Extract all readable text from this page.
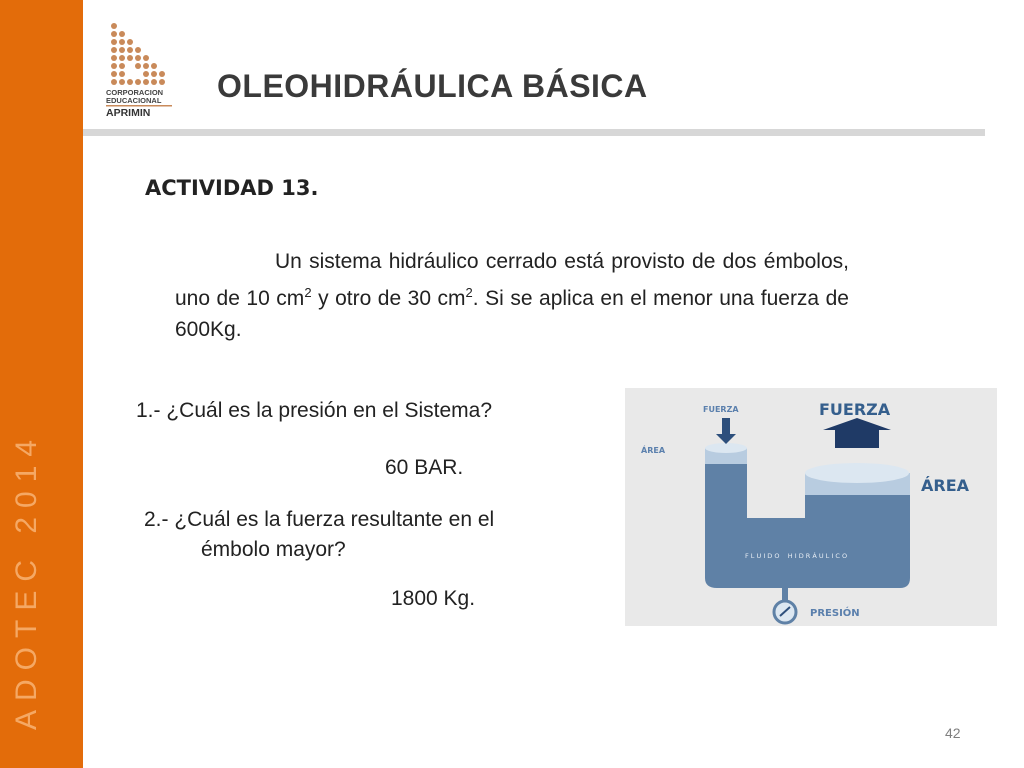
ADOTEC 2014
CORPORACION
EDUCACIONAL
APRIMIN
OLEOHIDRÁULICA BÁSICA
ACTIVIDAD 13.
Un sistema hidráulico cerrado está provisto de dos émbolos, uno de 10 $cm^2$ y otro de 30 $cm^2$. Si se aplica en el menor una fuerza de 600Kg.
1.- ¿Cuál es la presión en el Sistema?
60 BAR.
2.- ¿Cuál es la fuerza resultante en el
émbolo mayor?
1800 Kg.
FUERZA
ÁREA
FUERZA
ÁREA
F L U I D O    H I D R Á U L I C O
PRESIÓN
42
